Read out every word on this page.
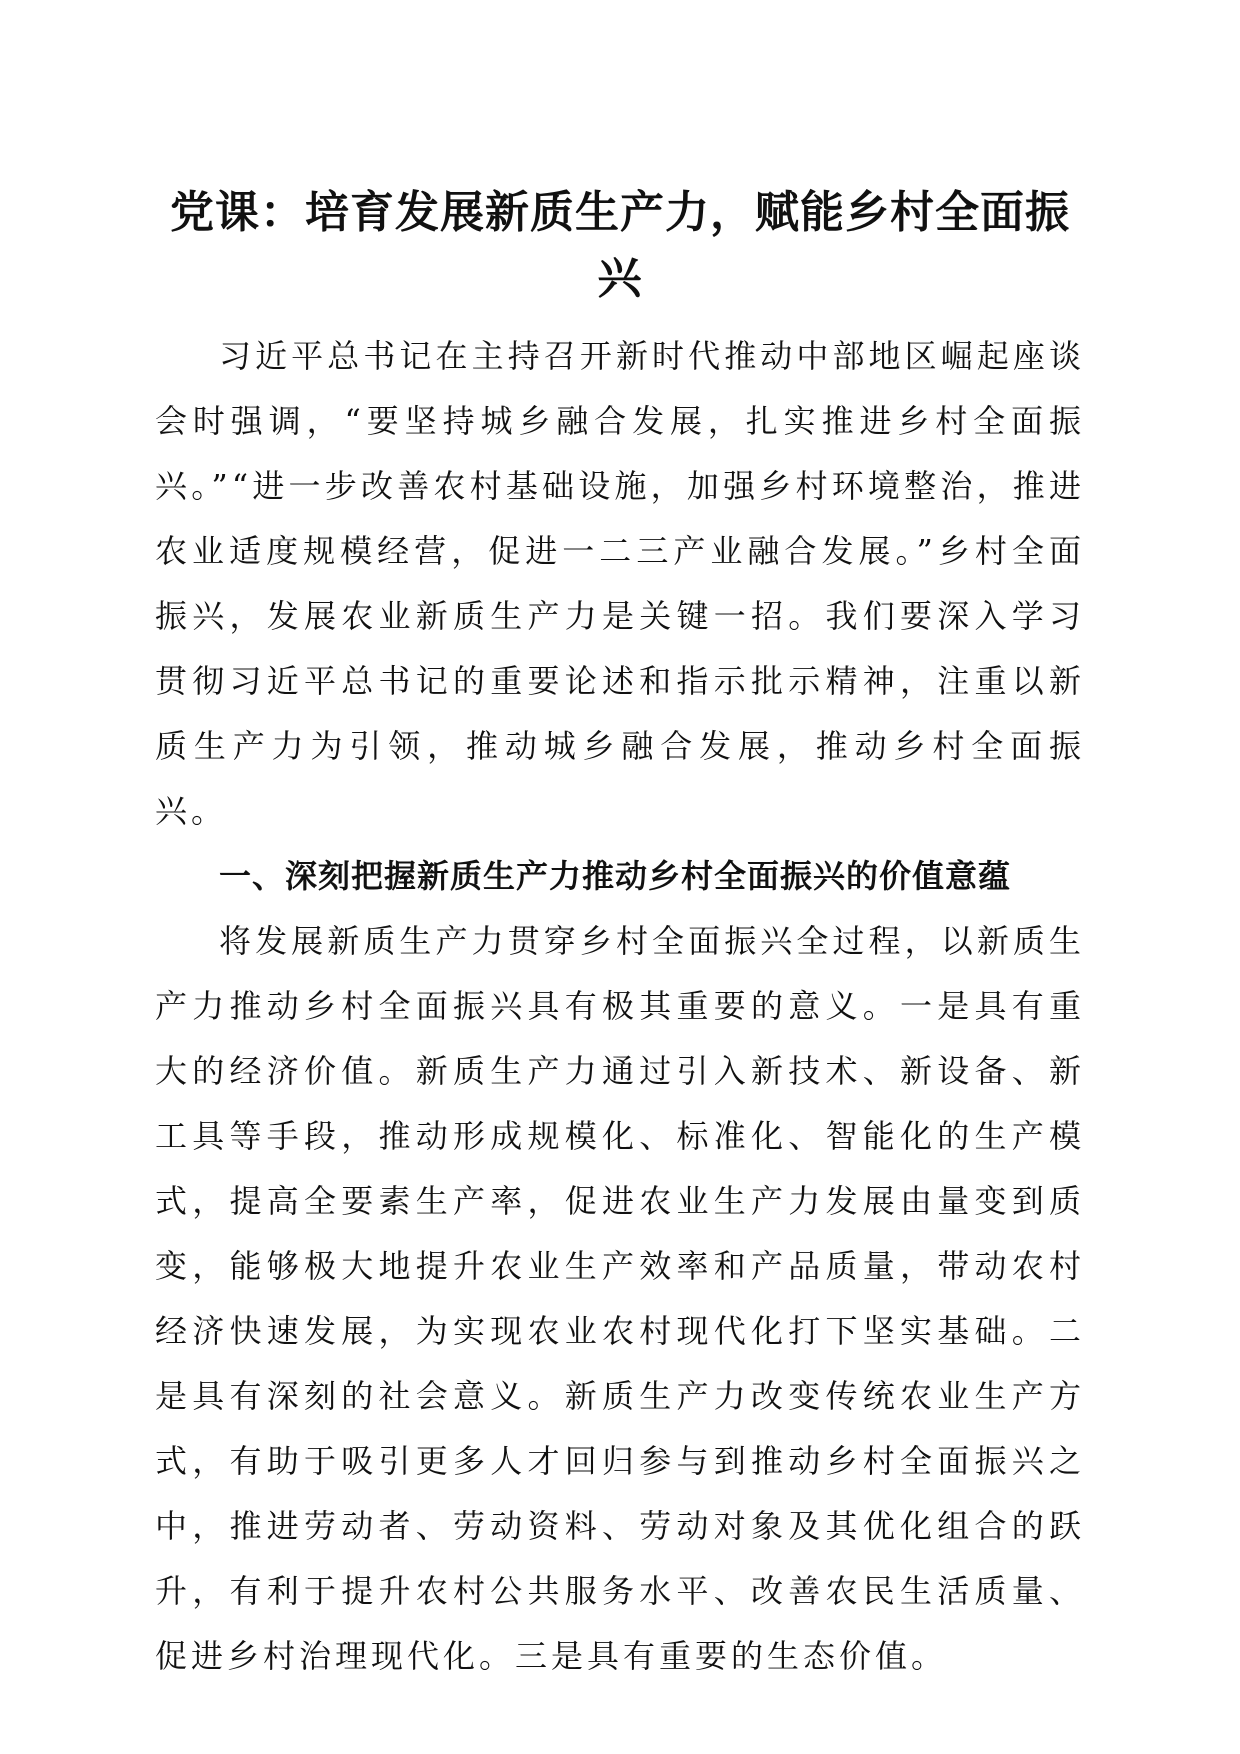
党课：培育发展新质生产力，赋能乡村全面振兴

习近平总书记在主持召开新时代推动中部地区崛起座谈会时强调，“要坚持城乡融合发展，扎实推进乡村全面振兴。”“进一步改善农村基础设施，加强乡村环境整治，推进农业适度规模经营，促进一二三产业融合发展。”乡村全面振兴，发展农业新质生产力是关键一招。我们要深入学习贯彻习近平总书记的重要论述和指示批示精神，注重以新质生产力为引领，推动城乡融合发展，推动乡村全面振兴。

一、深刻把握新质生产力推动乡村全面振兴的价值意蕴

将发展新质生产力贯穿乡村全面振兴全过程，以新质生产力推动乡村全面振兴具有极其重要的意义。一是具有重大的经济价值。新质生产力通过引入新技术、新设备、新工具等手段，推动形成规模化、标准化、智能化的生产模式，提高全要素生产率，促进农业生产力发展由量变到质变，能够极大地提升农业生产效率和产品质量，带动农村经济快速发展，为实现农业农村现代化打下坚实基础。二是具有深刻的社会意义。新质生产力改变传统农业生产方式，有助于吸引更多人才回归参与到推动乡村全面振兴之中，推进劳动者、劳动资料、劳动对象及其优化组合的跃升，有利于提升农村公共服务水平、改善农民生活质量、促进乡村治理现代化。三是具有重要的生态价值。
